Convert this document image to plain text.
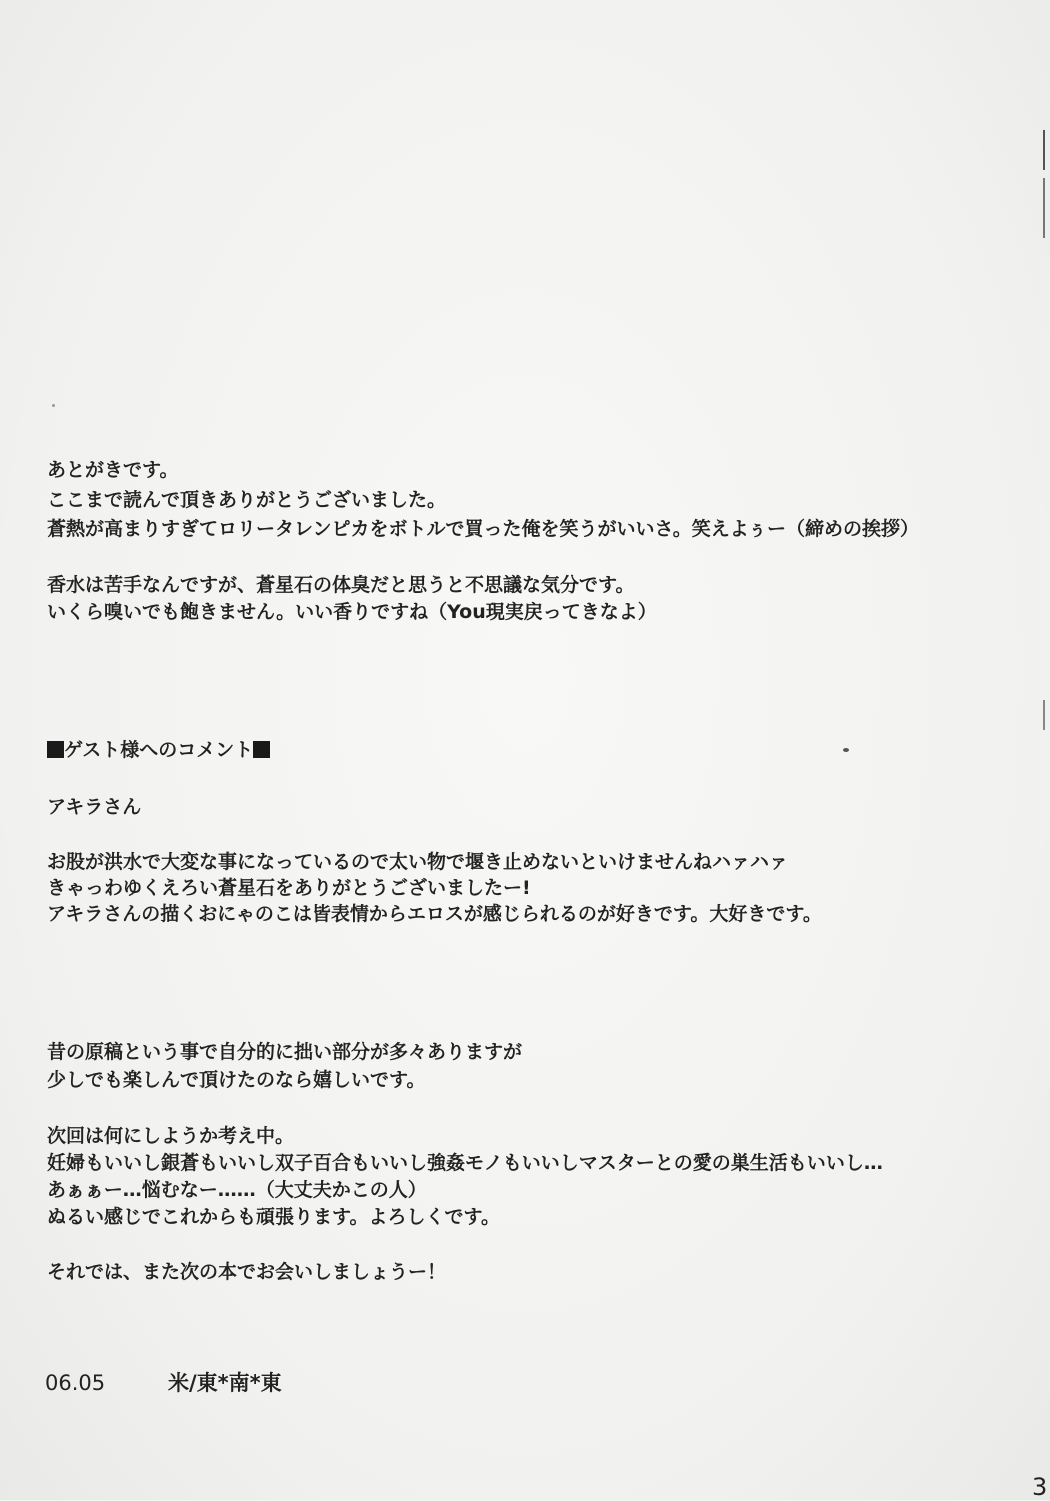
あとがきです。
ここまで読んで頂きありがとうございました。
蒼熱が高まりすぎてロリータレンピカをボトルで買った俺を笑うがいいさ。笑えよぅー（締めの挨拶）
香水は苦手なんですが、蒼星石の体臭だと思うと不思議な気分です。
いくら嗅いでも飽きません。いい香りですね（You現実戻ってきなよ）
ゲスト様へのコメント
アキラさん
お股が洪水で大変な事になっているので太い物で堰き止めないといけませんねハァハァ
きゃっわゆくえろい蒼星石をありがとうございましたー!
アキラさんの描くおにゃのこは皆表情からエロスが感じられるのが好きです。大好きです。
昔の原稿という事で自分的に拙い部分が多々ありますが
少しでも楽しんで頂けたのなら嬉しいです。
次回は何にしようか考え中。
妊婦もいいし銀蒼もいいし双子百合もいいし強姦モノもいいしマスターとの愛の巣生活もいいし…
あぁぁー…悩むなー……（大丈夫かこの人）
ぬるい感じでこれからも頑張ります。よろしくです。
それでは、また次の本でお会いしましょうー！
06.05	米/東*南*東
3
